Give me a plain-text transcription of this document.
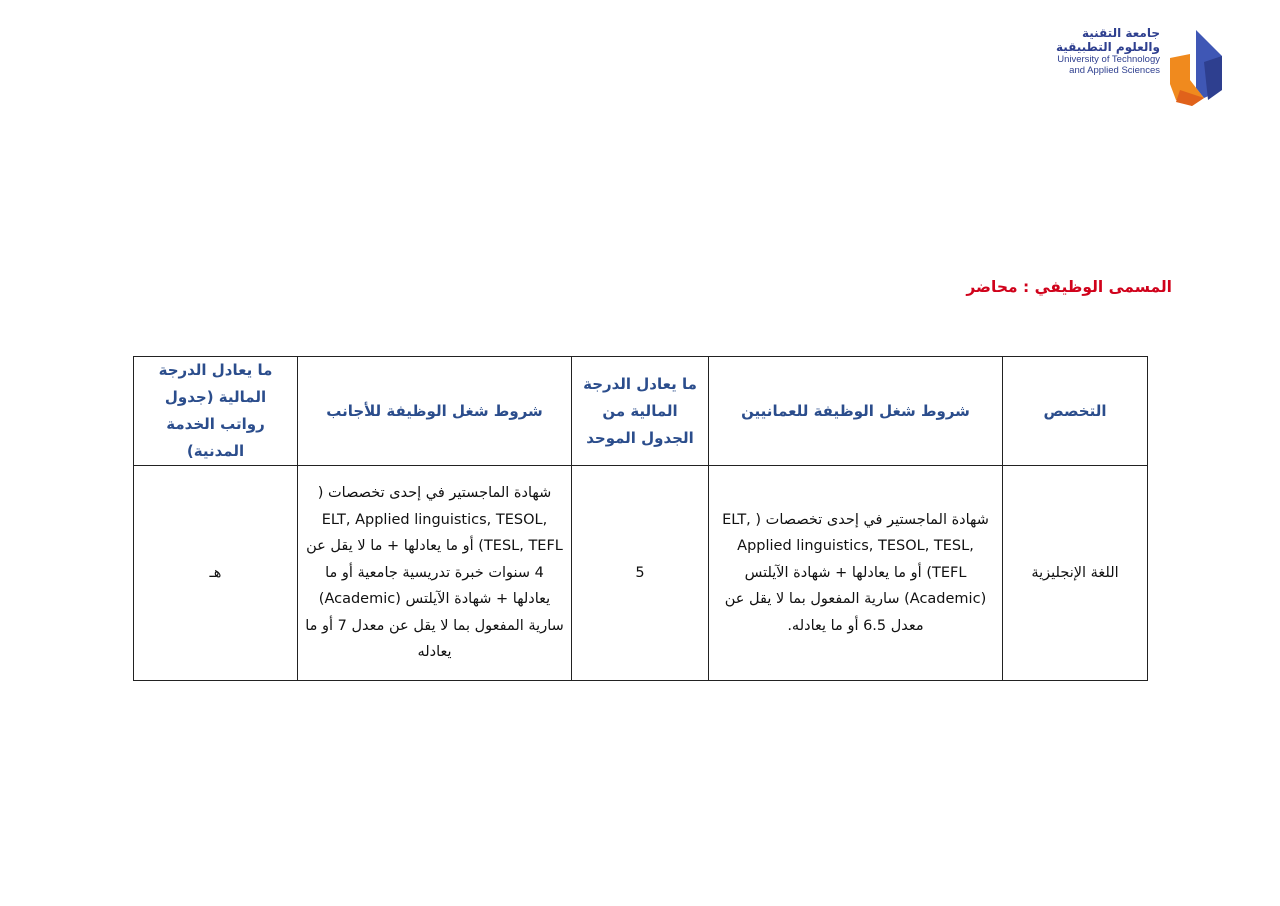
جامعة التقنية

والعلوم التطبيقية

University of Technology

and Applied Sciences

المسمى الوظيفي : محاضر
التخصص	شروط شغل الوظيفة للعمانيين	ما يعادل الدرجة المالية من الجدول الموحد	شروط شغل الوظيفة للأجانب	ما يعادل الدرجة المالية (جدول رواتب الخدمة المدنية)
اللغة الإنجليزية	شهادة الماجستير في إحدى تخصصات ( ELT, Applied linguistics, TESOL, TESL, TEFL) أو ما يعادلها + شهادة الآيلتس (Academic) سارية المفعول بما لا يقل عن معدل 6.5 أو ما يعادله.	5	شهادة الماجستير في إحدى تخصصات ( ELT, Applied linguistics, TESOL, TESL, TEFL) أو ما يعادلها + ما لا يقل عن 4 سنوات خبرة تدريسية جامعية أو ما يعادلها + شهادة الآيلتس (Academic) سارية المفعول بما لا يقل عن معدل 7 أو ما يعادله	هـ
